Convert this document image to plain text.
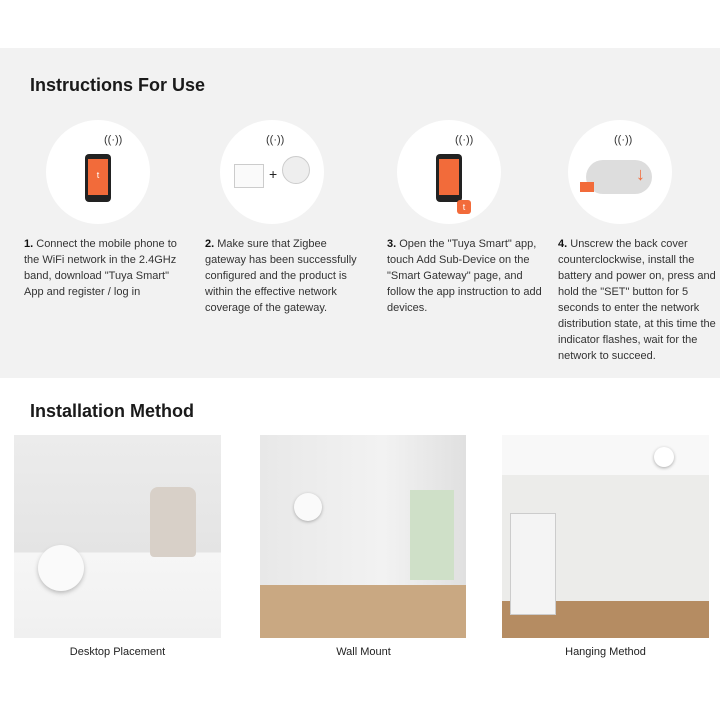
Instructions For Use
((·))
t
((·))
+
((·))
t
((·))
↓
1. Connect the mobile phone to the WiFi network in the 2.4GHz band, download "Tuya Smart" App and register / log in
2. Make sure that Zigbee gateway has been successfully configured and the product is within the effective network coverage of the gateway.
3. Open the "Tuya Smart" app, touch Add Sub-Device on the "Smart Gateway" page, and follow the app instruction to add devices.
4. Unscrew the back cover counterclockwise, install the battery and power on, press and hold the "SET" button for 5 seconds to enter the network distribution state, at this time the indicator flashes, wait for the network to succeed.
Installation Method
Desktop Placement	Wall Mount	Hanging Method
